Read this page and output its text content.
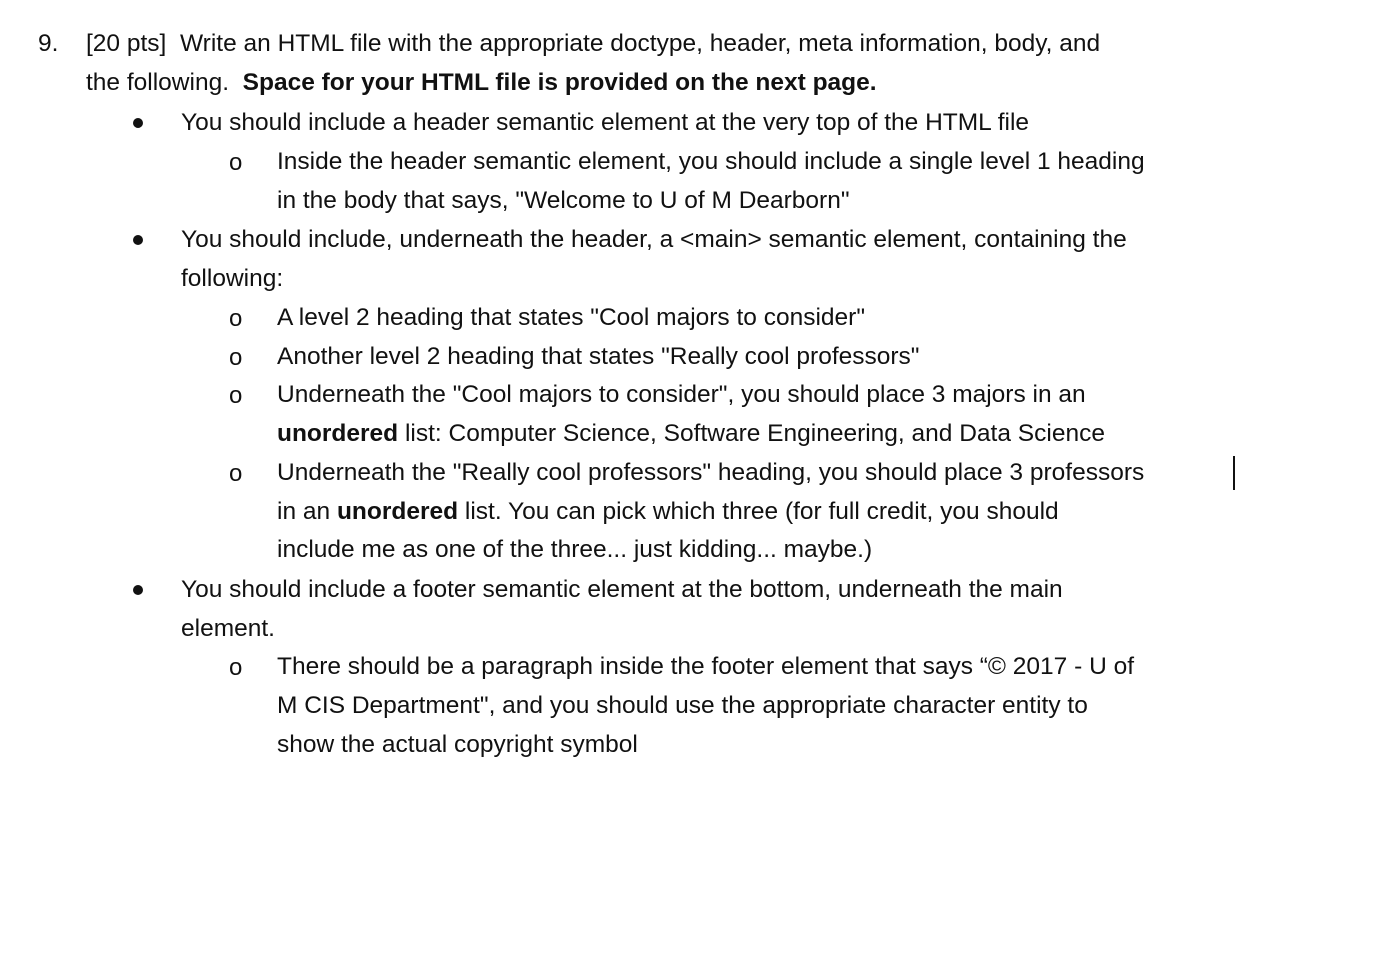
9. [20 pts] Write an HTML file with the appropriate doctype, header, meta information, body, and
the following. Space for your HTML file is provided on the next page.
You should include a header semantic element at the very top of the HTML file
o Inside the header semantic element, you should include a single level 1 heading
in the body that says, "Welcome to U of M Dearborn"
You should include, underneath the header, a <main> semantic element, containing the
following:
o A level 2 heading that states "Cool majors to consider"
o Another level 2 heading that states "Really cool professors"
o Underneath the "Cool majors to consider", you should place 3 majors in an
unordered list: Computer Science, Software Engineering, and Data Science
o Underneath the "Really cool professors" heading, you should place 3 professors
in an unordered list. You can pick which three (for full credit, you should
include me as one of the three... just kidding... maybe.)
You should include a footer semantic element at the bottom, underneath the main
element.
o There should be a paragraph inside the footer element that says “© 2017 - U of
M CIS Department", and you should use the appropriate character entity to
show the actual copyright symbol
